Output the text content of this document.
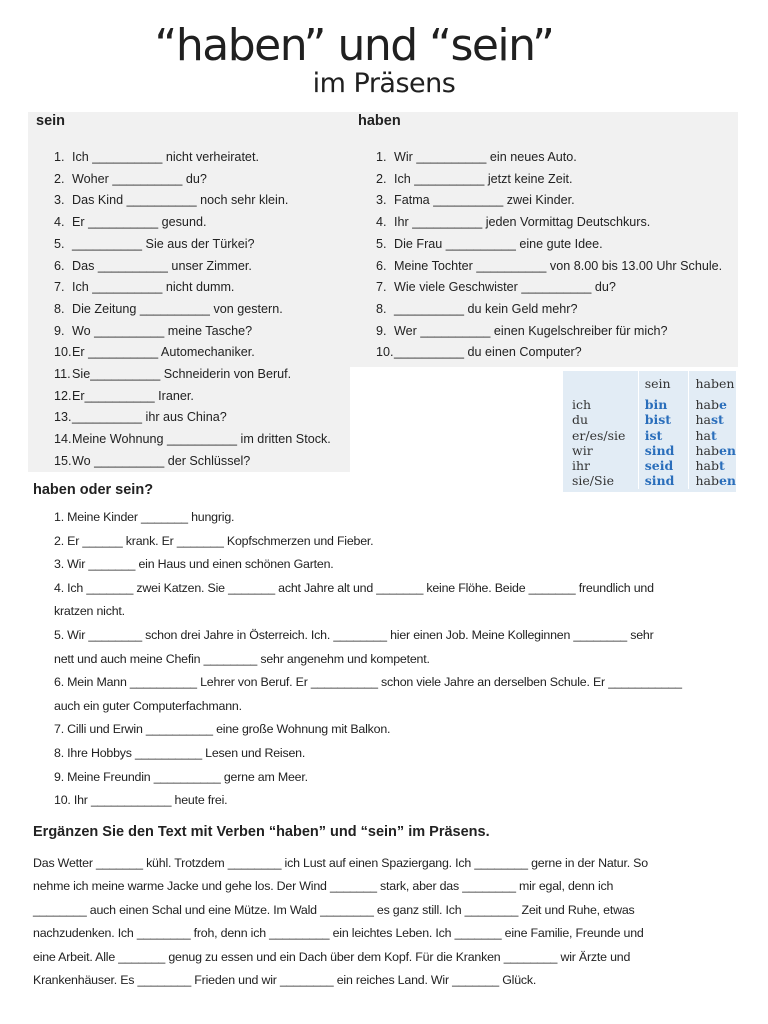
“haben” und “sein”
im Präsens
sein
1. Ich __________ nicht verheiratet.
2. Woher __________ du?
3. Das Kind __________ noch sehr klein.
4. Er __________ gesund.
5. __________ Sie aus der Türkei?
6. Das __________ unser Zimmer.
7. Ich __________ nicht dumm.
8. Die Zeitung __________ von gestern.
9. Wo __________ meine Tasche?
10.Er __________ Automechaniker.
11.Sie__________ Schneiderin von Beruf.
12.Er__________ Iraner.
13.__________ ihr aus China?
14.Meine Wohnung __________ im dritten Stock.
15.Wo __________ der Schlüssel?
haben
1. Wir __________ ein neues Auto.
2. Ich __________ jetzt keine Zeit.
3. Fatma __________ zwei Kinder.
4. Ihr __________ jeden Vormittag Deutschkurs.
5. Die Frau __________ eine gute Idee.
6. Meine Tochter __________ von 8.00 bis 13.00 Uhr Schule.
7. Wie viele Geschwister __________ du?
8. __________ du kein Geld mehr?
9. Wer __________ einen Kugelschreiber für mich?
10.__________ du einen Computer?
	sein	haben
ich	bin	habe
du	bist	hast
er/es/sie	ist	hat
wir	sind	haben
ihr	seid	habt
sie/Sie	sind	haben
haben oder sein?

1. Meine Kinder _______ hungrig.

2. Er ______ krank. Er _______ Kopfschmerzen und Fieber.

3. Wir _______ ein Haus und einen schönen Garten.

4. Ich _______ zwei Katzen. Sie _______ acht Jahre alt und _______ keine Flöhe. Beide _______ freundlich und

kratzen nicht.

5. Wir ________ schon drei Jahre in Österreich. Ich. ________ hier einen Job. Meine Kolleginnen ________ sehr

nett und auch meine Chefin ________ sehr angenehm und kompetent.

6. Mein Mann __________ Lehrer von Beruf. Er __________ schon viele Jahre an derselben Schule. Er ___________

auch ein guter Computerfachmann.

7. Cilli und Erwin __________ eine große Wohnung mit Balkon.

8. Ihre Hobbys __________ Lesen und Reisen.

9. Meine Freundin __________ gerne am Meer.

10. Ihr ____________ heute frei.

Ergänzen Sie den Text mit Verben “haben” und “sein” im Präsens.

Das Wetter _______ kühl. Trotzdem ________ ich Lust auf einen Spaziergang. Ich ________ gerne in der Natur. So

nehme ich meine warme Jacke und gehe los. Der Wind _______ stark, aber das ________ mir egal, denn ich

________ auch einen Schal und eine Mütze. Im Wald ________ es ganz still. Ich ________ Zeit und Ruhe, etwas

nachzudenken. Ich ________ froh, denn ich _________ ein leichtes Leben. Ich _______ eine Familie, Freunde und

eine Arbeit. Alle _______ genug zu essen und ein Dach über dem Kopf. Für die Kranken ________ wir Ärzte und

Krankenhäuser. Es ________ Frieden und wir ________ ein reiches Land. Wir _______ Glück.
